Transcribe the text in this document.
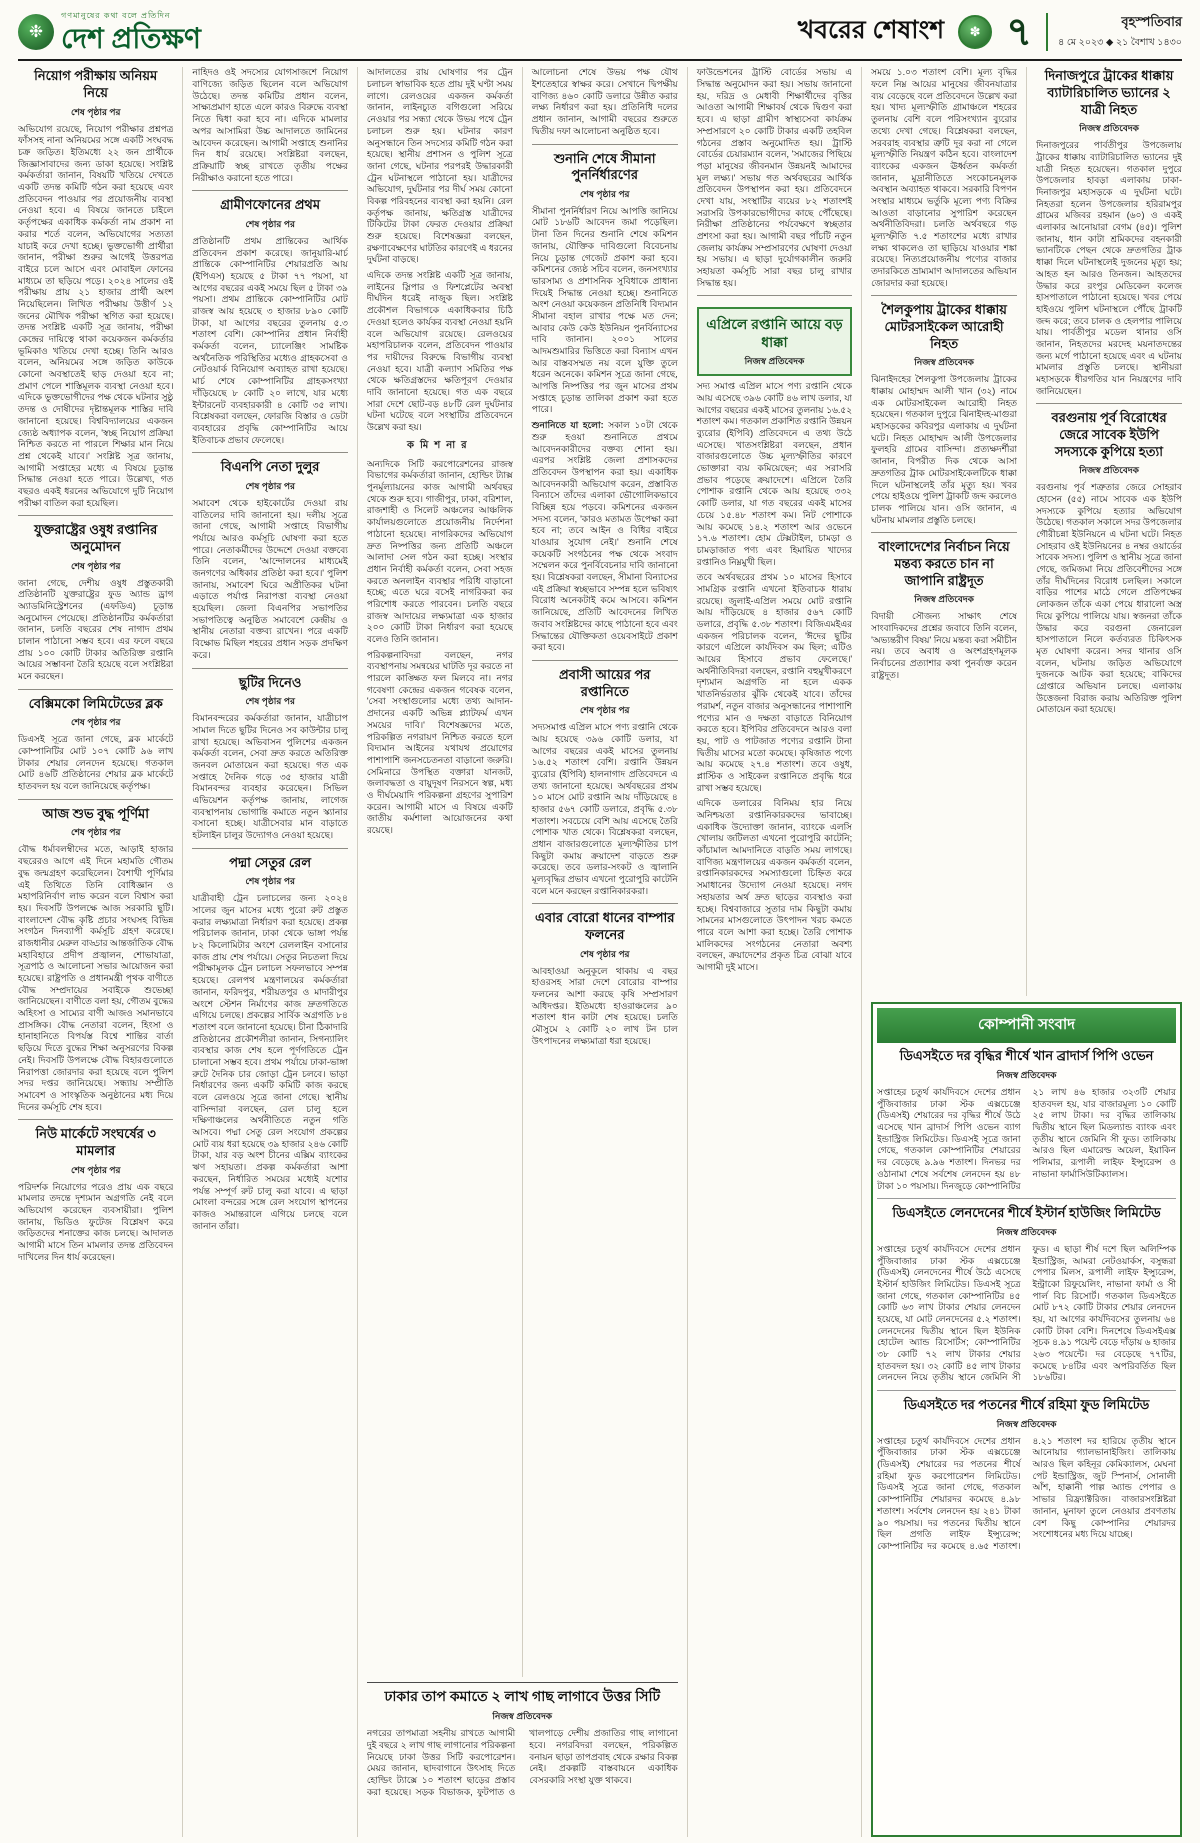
❉
গণমানুষের কথা বলে প্রতিদিন
দেশ প্রতিক্ষণ	খবরের শেষাংশ	✽ ৭	বৃহস্পতিবার
৪ মে ২০২৩ ◆ ২১ বৈশাখ ১৪৩০
নিয়োগ পরীক্ষায় অনিয়ম নিয়ে
শেষ পৃষ্ঠার পর

অভিযোগ রয়েছে, নিয়োগ পরীক্ষার প্রশ্নপত্র ফাঁসসহ নানা অনিয়মের সঙ্গে একটি সংঘবদ্ধ চক্র জড়িত। ইতিমধ্যে ২২ জন প্রার্থীকে জিজ্ঞাসাবাদের জন্য ডাকা হয়েছে। সংশ্লিষ্ট কর্মকর্তারা জানান, বিষয়টি খতিয়ে দেখতে একটি তদন্ত কমিটি গঠন করা হয়েছে এবং প্রতিবেদন পাওয়ার পর প্রয়োজনীয় ব্যবস্থা নেওয়া হবে। এ বিষয়ে জানতে চাইলে কর্তৃপক্ষের একাধিক কর্মকর্তা নাম প্রকাশ না করার শর্তে বলেন, অভিযোগের সত্যতা যাচাই করে দেখা হচ্ছে। ভুক্তভোগী প্রার্থীরা জানান, পরীক্ষা শুরুর আগেই উত্তরপত্র বাইরে চলে আসে এবং মোবাইল ফোনের মাধ্যমে তা ছড়িয়ে পড়ে। ২০২৪ সালের ওই পরীক্ষায় প্রায় ২১ হাজার প্রার্থী অংশ নিয়েছিলেন। লিখিত পরীক্ষায় উত্তীর্ণ ১২ জনের মৌখিক পরীক্ষা স্থগিত করা হয়েছে। তদন্ত সংশ্লিষ্ট একটি সূত্র জানায়, পরীক্ষা কেন্দ্রের দায়িত্বে থাকা কয়েকজন কর্মকর্তার ভূমিকাও খতিয়ে দেখা হচ্ছে। তিনি আরও বলেন, অনিয়মের সঙ্গে জড়িত কাউকে কোনো অবস্থাতেই ছাড় দেওয়া হবে না; প্রমাণ পেলে শাস্তিমূলক ব্যবস্থা নেওয়া হবে। এদিকে ভুক্তভোগীদের পক্ষ থেকে ঘটনার সুষ্ঠু তদন্ত ও দোষীদের দৃষ্টান্তমূলক শাস্তির দাবি জানানো হয়েছে। বিশ্ববিদ্যালয়ের একজন জ্যেষ্ঠ অধ্যাপক বলেন, 'স্বচ্ছ নিয়োগ প্রক্রিয়া নিশ্চিত করতে না পারলে শিক্ষার মান নিয়ে প্রশ্ন থেকেই যাবে।' সংশ্লিষ্ট সূত্র জানায়, আগামী সপ্তাহের মধ্যে এ বিষয়ে চূড়ান্ত সিদ্ধান্ত নেওয়া হতে পারে। উল্লেখ্য, গত বছরও একই ধরনের অভিযোগে দুটি নিয়োগ পরীক্ষা বাতিল করা হয়েছিল।

যুক্তরাষ্ট্রের ওষুধ রপ্তানির অনুমোদন
শেষ পৃষ্ঠার পর

জানা গেছে, দেশীয় ওষুধ প্রস্তুতকারী প্রতিষ্ঠানটি যুক্তরাষ্ট্রের ফুড অ্যান্ড ড্রাগ অ্যাডমিনিস্ট্রেশনের (এফডিএ) চূড়ান্ত অনুমোদন পেয়েছে। প্রতিষ্ঠানটির কর্মকর্তারা জানান, চলতি বছরের শেষ নাগাদ প্রথম চালান পাঠানো সম্ভব হবে। এর ফলে বছরে প্রায় ১০০ কোটি টাকার অতিরিক্ত রপ্তানি আয়ের সম্ভাবনা তৈরি হয়েছে বলে সংশ্লিষ্টরা মনে করছেন।

বেক্সিমকো লিমিটেডের ব্লক
শেষ পৃষ্ঠার পর

ডিএসই সূত্রে জানা গেছে, ব্লক মার্কেটে কোম্পানিটির মোট ১০৭ কোটি ৯৬ লাখ টাকার শেয়ার লেনদেন হয়েছে। গতকাল মোট ৪৬টি প্রতিষ্ঠানের শেয়ার ব্লক মার্কেটে হাতবদল হয় বলে জানিয়েছে কর্তৃপক্ষ।

আজ শুভ বুদ্ধ পূর্ণিমা
শেষ পৃষ্ঠার পর

বৌদ্ধ ধর্মাবলম্বীদের মতে, আড়াই হাজার বছরেরও আগে এই দিনে মহামতি গৌতম বুদ্ধ জন্মগ্রহণ করেছিলেন। বৈশাখী পূর্ণিমার এই তিথিতে তিনি বোধিজ্ঞান ও মহাপরিনির্বাণ লাভ করেন বলে বিশ্বাস করা হয়। দিবসটি উপলক্ষে আজ সরকারি ছুটি। বাংলাদেশ বৌদ্ধ কৃষ্টি প্রচার সংঘসহ বিভিন্ন সংগঠন দিনব্যাপী কর্মসূচি গ্রহণ করেছে। রাজধানীর মেরুল বাড্ডার আন্তর্জাতিক বৌদ্ধ মহাবিহারে প্রদীপ প্রজ্বালন, শোভাযাত্রা, সূত্রপাঠ ও আলোচনা সভার আয়োজন করা হয়েছে। রাষ্ট্রপতি ও প্রধানমন্ত্রী পৃথক বাণীতে বৌদ্ধ সম্প্রদায়ের সবাইকে শুভেচ্ছা জানিয়েছেন। বাণীতে বলা হয়, গৌতম বুদ্ধের অহিংসা ও সাম্যের বাণী আজও সমানভাবে প্রাসঙ্গিক। বৌদ্ধ নেতারা বলেন, হিংসা ও হানাহানিতে বিপর্যস্ত বিশ্বে শান্তির বার্তা ছড়িয়ে দিতে বুদ্ধের শিক্ষা অনুসরণের বিকল্প নেই। দিবসটি উপলক্ষে বৌদ্ধ বিহারগুলোতে নিরাপত্তা জোরদার করা হয়েছে বলে পুলিশ সদর দপ্তর জানিয়েছে। সন্ধ্যায় সম্প্রীতি সমাবেশ ও সাংস্কৃতিক অনুষ্ঠানের মধ্য দিয়ে দিনের কর্মসূচি শেষ হবে।

নিউ মার্কেটে সংঘর্ষের ৩ মামলার
শেষ পৃষ্ঠার পর

পরিদর্শক নিয়োগের পরেও প্রায় এক বছরে মামলার তদন্তে দৃশ্যমান অগ্রগতি নেই বলে অভিযোগ করেছেন ব্যবসায়ীরা। পুলিশ জানায়, ভিডিও ফুটেজ বিশ্লেষণ করে জড়িতদের শনাক্তের কাজ চলছে। আদালত আগামী মাসে তিন মামলার তদন্ত প্রতিবেদন দাখিলের দিন ধার্য করেছেন।

নাহিদও ওই সদস্যের যোগসাজশে নিয়োগ বাণিজ্যে জড়িত ছিলেন বলে অভিযোগ উঠেছে। তদন্ত কমিটির প্রধান বলেন, সাক্ষ্যপ্রমাণ হাতে এলে কারও বিরুদ্ধে ব্যবস্থা নিতে দ্বিধা করা হবে না। এদিকে মামলার অপর আসামিরা উচ্চ আদালতে জামিনের আবেদন করেছেন। আগামী সপ্তাহে শুনানির দিন ধার্য রয়েছে। সংশ্লিষ্টরা বলছেন, প্রক্রিয়াটি স্বচ্ছ রাখতে তৃতীয় পক্ষের নিরীক্ষাও করানো হতে পারে।

গ্রামীণফোনের প্রথম
শেষ পৃষ্ঠার পর

প্রতিষ্ঠানটি প্রথম প্রান্তিকের আর্থিক প্রতিবেদন প্রকাশ করেছে। জানুয়ারি-মার্চ প্রান্তিকে কোম্পানিটির শেয়ারপ্রতি আয় (ইপিএস) হয়েছে ৫ টাকা ৭৭ পয়সা, যা আগের বছরের একই সময়ে ছিল ৫ টাকা ৩৯ পয়সা। প্রথম প্রান্তিকে কোম্পানিটির মোট রাজস্ব আয় হয়েছে ৩ হাজার ৮৯০ কোটি টাকা, যা আগের বছরের তুলনায় ৫.৩ শতাংশ বেশি। কোম্পানির প্রধান নির্বাহী কর্মকর্তা বলেন, চ্যালেঞ্জিং সামষ্টিক অর্থনৈতিক পরিস্থিতির মধ্যেও গ্রাহকসেবা ও নেটওয়ার্ক বিনিয়োগ অব্যাহত রাখা হয়েছে। মার্চ শেষে কোম্পানিটির গ্রাহকসংখ্যা দাঁড়িয়েছে ৮ কোটি ২০ লাখে, যার মধ্যে ইন্টারনেট ব্যবহারকারী ৪ কোটি ৩৫ লাখ। বিশ্লেষকরা বলছেন, ফোরজি বিস্তার ও ডেটা ব্যবহারের প্রবৃদ্ধি কোম্পানিটির আয়ে ইতিবাচক প্রভাব ফেলেছে।

বিএনপি নেতা দুলুর
শেষ পৃষ্ঠার পর

সমাবেশ থেকে হাইকোর্টের দেওয়া রায় বাতিলের দাবি জানানো হয়। দলীয় সূত্রে জানা গেছে, আগামী সপ্তাহে বিভাগীয় পর্যায়ে আরও কর্মসূচি ঘোষণা করা হতে পারে। নেতাকর্মীদের উদ্দেশে দেওয়া বক্তব্যে তিনি বলেন, 'আন্দোলনের মাধ্যমেই জনগণের অধিকার প্রতিষ্ঠা করা হবে।' পুলিশ জানায়, সমাবেশ ঘিরে অপ্রীতিকর ঘটনা এড়াতে পর্যাপ্ত নিরাপত্তা ব্যবস্থা নেওয়া হয়েছিল। জেলা বিএনপির সভাপতির সভাপতিত্বে অনুষ্ঠিত সমাবেশে কেন্দ্রীয় ও স্থানীয় নেতারা বক্তব্য রাখেন। পরে একটি বিক্ষোভ মিছিল শহরের প্রধান সড়ক প্রদক্ষিণ করে।

ছুটির দিনেও
শেষ পৃষ্ঠার পর

বিমানবন্দরের কর্মকর্তারা জানান, যাত্রীচাপ সামাল দিতে ছুটির দিনেও সব কাউন্টার চালু রাখা হয়েছে। অভিবাসন পুলিশের একজন কর্মকর্তা বলেন, সেবা দ্রুত করতে অতিরিক্ত জনবল মোতায়েন করা হয়েছে। গত এক সপ্তাহে দৈনিক গড়ে ৩৫ হাজার যাত্রী বিমানবন্দর ব্যবহার করেছেন। সিভিল এভিয়েশন কর্তৃপক্ষ জানায়, লাগেজ ব্যবস্থাপনায় ভোগান্তি কমাতে নতুন স্ক্যানার বসানো হচ্ছে। যাত্রীসেবার মান বাড়াতে হটলাইন চালুর উদ্যোগও নেওয়া হয়েছে।

পদ্মা সেতুর রেল
শেষ পৃষ্ঠার পর

যাত্রীবাহী ট্রেন চলাচলের জন্য ২০২৪ সালের জুন মাসের মধ্যে পুরো রুট প্রস্তুত করার লক্ষ্যমাত্রা নির্ধারণ করা হয়েছে। প্রকল্প পরিচালক জানান, ঢাকা থেকে ভাঙ্গা পর্যন্ত ৮২ কিলোমিটার অংশে রেললাইন বসানোর কাজ প্রায় শেষ পর্যায়ে। সেতুর নিচতলা দিয়ে পরীক্ষামূলক ট্রেন চলাচল সফলভাবে সম্পন্ন হয়েছে। রেলপথ মন্ত্রণালয়ের কর্মকর্তারা জানান, ফরিদপুর, শরীয়তপুর ও মাদারীপুর অংশে স্টেশন নির্মাণের কাজ দ্রুতগতিতে এগিয়ে চলছে। প্রকল্পের সার্বিক অগ্রগতি ৮৪ শতাংশ বলে জানানো হয়েছে। চীনা ঠিকাদারি প্রতিষ্ঠানের প্রকৌশলীরা জানান, সিগন্যালিং ব্যবস্থার কাজ শেষ হলে পূর্ণগতিতে ট্রেন চালানো সম্ভব হবে। প্রথম পর্যায়ে ঢাকা-ভাঙ্গা রুটে দৈনিক চার জোড়া ট্রেন চলবে। ভাড়া নির্ধারণের জন্য একটি কমিটি কাজ করছে বলে রেলওয়ে সূত্রে জানা গেছে। স্থানীয় বাসিন্দারা বলছেন, রেল চালু হলে দক্ষিণাঞ্চলের অর্থনীতিতে নতুন গতি আসবে। পদ্মা সেতু রেল সংযোগ প্রকল্পের মোট ব্যয় ধরা হয়েছে ৩৯ হাজার ২৪৬ কোটি টাকা, যার বড় অংশ চীনের এক্সিম ব্যাংকের ঋণ সহায়তা। প্রকল্প কর্মকর্তারা আশা করছেন, নির্ধারিত সময়ের মধ্যেই যশোর পর্যন্ত সম্পূর্ণ রুট চালু করা যাবে। এ ছাড়া মোংলা বন্দরের সঙ্গে রেল সংযোগ স্থাপনের কাজও সমান্তরালে এগিয়ে চলছে বলে জানান তাঁরা।

আদালতের রায় ঘোষণার পর ট্রেন চলাচল স্বাভাবিক হতে প্রায় দুই ঘণ্টা সময় লাগে। রেলওয়ের একজন কর্মকর্তা জানান, লাইনচ্যুত বগিগুলো সরিয়ে নেওয়ার পর সন্ধ্যা থেকে উভয় পথে ট্রেন চলাচল শুরু হয়। ঘটনার কারণ অনুসন্ধানে তিন সদস্যের কমিটি গঠন করা হয়েছে। স্থানীয় প্রশাসন ও পুলিশ সূত্রে জানা গেছে, ঘটনার পরপরই উদ্ধারকারী ট্রেন ঘটনাস্থলে পাঠানো হয়। যাত্রীদের অভিযোগ, দুর্ঘটনার পর দীর্ঘ সময় কোনো বিকল্প পরিবহনের ব্যবস্থা করা হয়নি। রেল কর্তৃপক্ষ জানায়, ক্ষতিগ্রস্ত যাত্রীদের টিকিটের টাকা ফেরত দেওয়ার প্রক্রিয়া শুরু হয়েছে। বিশেষজ্ঞরা বলছেন, রক্ষণাবেক্ষণের ঘাটতির কারণেই এ ধরনের দুর্ঘটনা বাড়ছে।

এদিকে তদন্ত সংশ্লিষ্ট একটি সূত্র জানায়, লাইনের স্লিপার ও ফিশপ্লেটের অবস্থা দীর্ঘদিন ধরেই নাজুক ছিল। সংশ্লিষ্ট প্রকৌশল বিভাগকে একাধিকবার চিঠি দেওয়া হলেও কার্যকর ব্যবস্থা নেওয়া হয়নি বলে অভিযোগ রয়েছে। রেলওয়ের মহাপরিচালক বলেন, প্রতিবেদন পাওয়ার পর দায়ীদের বিরুদ্ধে বিভাগীয় ব্যবস্থা নেওয়া হবে। যাত্রী কল্যাণ সমিতির পক্ষ থেকে ক্ষতিগ্রস্তদের ক্ষতিপূরণ দেওয়ার দাবি জানানো হয়েছে। গত এক বছরে সারা দেশে ছোট-বড় ৪৮টি রেল দুর্ঘটনার ঘটনা ঘটেছে বলে সংস্থাটির প্রতিবেদনে উল্লেখ করা হয়।

কমিশনার

অন্যদিকে সিটি করপোরেশনের রাজস্ব বিভাগের কর্মকর্তারা জানান, হোল্ডিং ট্যাক্স পুনর্মূল্যায়নের কাজ আগামী অর্থবছর থেকে শুরু হবে। গাজীপুর, ঢাকা, বরিশাল, রাজশাহী ও সিলেট অঞ্চলের আঞ্চলিক কার্যালয়গুলোতে প্রয়োজনীয় নির্দেশনা পাঠানো হয়েছে। নাগরিকদের অভিযোগ দ্রুত নিষ্পত্তির জন্য প্রতিটি অঞ্চলে আলাদা সেল গঠন করা হচ্ছে। সংস্থার প্রধান নির্বাহী কর্মকর্তা বলেন, সেবা সহজ করতে অনলাইন ব্যবস্থার পরিধি বাড়ানো হচ্ছে; এতে ঘরে বসেই নাগরিকরা কর পরিশোধ করতে পারবেন। চলতি বছরে রাজস্ব আদায়ের লক্ষ্যমাত্রা এক হাজার ২০০ কোটি টাকা নির্ধারণ করা হয়েছে বলেও তিনি জানান।

পরিকল্পনাবিদরা বলছেন, নগর ব্যবস্থাপনায় সমন্বয়ের ঘাটতি দূর করতে না পারলে কাঙ্ক্ষিত ফল মিলবে না। নগর গবেষণা কেন্দ্রের একজন গবেষক বলেন, 'সেবা সংস্থাগুলোর মধ্যে তথ্য আদান-প্রদানের একটি অভিন্ন প্ল্যাটফর্ম এখন সময়ের দাবি।' বিশেষজ্ঞদের মতে, পরিকল্পিত নগরায়ণ নিশ্চিত করতে হলে বিদ্যমান আইনের যথাযথ প্রয়োগের পাশাপাশি জনসচেতনতা বাড়ানো জরুরি। সেমিনারে উপস্থিত বক্তারা যানজট, জলাবদ্ধতা ও বায়ুদূষণ নিরসনে স্বল্প, মধ্য ও দীর্ঘমেয়াদি পরিকল্পনা গ্রহণের সুপারিশ করেন। আগামী মাসে এ বিষয়ে একটি জাতীয় কর্মশালা আয়োজনের কথা রয়েছে।

আলোচনা শেষে উভয় পক্ষ যৌথ ইশতেহারে স্বাক্ষর করে। সেখানে দ্বিপক্ষীয় বাণিজ্য ৪৬০ কোটি ডলারে উন্নীত করার লক্ষ্য নির্ধারণ করা হয়। প্রতিনিধি দলের প্রধান জানান, আগামী বছরের শুরুতে দ্বিতীয় দফা আলোচনা অনুষ্ঠিত হবে।

শুনানি শেষে সীমানা পুনর্নির্ধারণের
শেষ পৃষ্ঠার পর

সীমানা পুনর্নির্ধারণ নিয়ে আপত্তি জানিয়ে মোট ১৮৬টি আবেদন জমা পড়েছিল। টানা তিন দিনের শুনানি শেষে কমিশন জানায়, যৌক্তিক দাবিগুলো বিবেচনায় নিয়ে চূড়ান্ত গেজেট প্রকাশ করা হবে। কমিশনের জ্যেষ্ঠ সচিব বলেন, জনসংখ্যার ভারসাম্য ও প্রশাসনিক সুবিধাকে প্রাধান্য দিয়েই সিদ্ধান্ত নেওয়া হচ্ছে। শুনানিতে অংশ নেওয়া কয়েকজন প্রতিনিধি বিদ্যমান সীমানা বহাল রাখার পক্ষে মত দেন; আবার কেউ কেউ ইউনিয়ন পুনর্বিন্যাসের দাবি জানান। ২০০১ সালের আদমশুমারির ভিত্তিতে করা বিন্যাস এখন আর বাস্তবসম্মত নয় বলে যুক্তি তুলে ধরেন অনেকে। কমিশন সূত্রে জানা গেছে, আপত্তি নিষ্পত্তির পর জুন মাসের প্রথম সপ্তাহে চূড়ান্ত তালিকা প্রকাশ করা হতে পারে।

শুনানিতে যা হলো: সকাল ১০টা থেকে শুরু হওয়া শুনানিতে প্রথমে আবেদনকারীদের বক্তব্য শোনা হয়। এরপর সংশ্লিষ্ট জেলা প্রশাসকদের প্রতিবেদন উপস্থাপন করা হয়। একাধিক আবেদনকারী অভিযোগ করেন, প্রস্তাবিত বিন্যাসে তাঁদের এলাকা ভৌগোলিকভাবে বিচ্ছিন্ন হয়ে পড়বে। কমিশনের একজন সদস্য বলেন, 'কারও মতামত উপেক্ষা করা হবে না; তবে আইন ও বিধির বাইরে যাওয়ার সুযোগ নেই।' শুনানি শেষে কয়েকটি সংগঠনের পক্ষ থেকে সংবাদ সম্মেলন করে পুনর্বিবেচনার দাবি জানানো হয়। বিশ্লেষকরা বলছেন, সীমানা বিন্যাসের এই প্রক্রিয়া স্বচ্ছভাবে সম্পন্ন হলে ভবিষ্যৎ বিরোধ অনেকটাই কমে আসবে। কমিশন জানিয়েছে, প্রতিটি আবেদনের লিখিত জবাব সংশ্লিষ্টদের কাছে পাঠানো হবে এবং সিদ্ধান্তের যৌক্তিকতা ওয়েবসাইটে প্রকাশ করা হবে।

প্রবাসী আয়ের পর রপ্তানিতে
শেষ পৃষ্ঠার পর

সদ্যসমাপ্ত এপ্রিল মাসে পণ্য রপ্তানি থেকে আয় হয়েছে ৩৯৬ কোটি ডলার, যা আগের বছরের একই মাসের তুলনায় ১৬.৫২ শতাংশ বেশি। রপ্তানি উন্নয়ন ব্যুরোর (ইপিবি) হালনাগাদ প্রতিবেদনে এ তথ্য জানানো হয়েছে। অর্থবছরের প্রথম ১০ মাসে মোট রপ্তানি আয় দাঁড়িয়েছে ৪ হাজার ৫৬৭ কোটি ডলারে, প্রবৃদ্ধি ৫.৩৮ শতাংশ। সবচেয়ে বেশি আয় এসেছে তৈরি পোশাক খাত থেকে। বিশ্লেষকরা বলছেন, প্রধান বাজারগুলোতে মূল্যস্ফীতির চাপ কিছুটা কমায় ক্রয়াদেশ বাড়তে শুরু করেছে। তবে ডলার-সংকট ও জ্বালানি মূল্যবৃদ্ধির প্রভাব এখনো পুরোপুরি কাটেনি বলে মনে করছেন রপ্তানিকারকরা।

এবার বোরো ধানের বাম্পার ফলনের
শেষ পৃষ্ঠার পর

আবহাওয়া অনুকূলে থাকায় এ বছর হাওরসহ সারা দেশে বোরোর বাম্পার ফলনের আশা করছে কৃষি সম্প্রসারণ অধিদপ্তর। ইতিমধ্যে হাওরাঞ্চলের ৯০ শতাংশ ধান কাটা শেষ হয়েছে। চলতি মৌসুমে ২ কোটি ২০ লাখ টন চাল উৎপাদনের লক্ষ্যমাত্রা ধরা হয়েছে।

ঢাকার তাপ কমাতে ২ লাখ গাছ লাগাবে উত্তর সিটি
নিজস্ব প্রতিবেদক

নগরের তাপমাত্রা সহনীয় রাখতে আগামী দুই বছরে ২ লাখ গাছ লাগানোর পরিকল্পনা নিয়েছে ঢাকা উত্তর সিটি করপোরেশন। মেয়র জানান, ছাদবাগানে উৎসাহ দিতে হোল্ডিং ট্যাক্সে ১০ শতাংশ ছাড়ের প্রস্তাব করা হয়েছে। সড়ক বিভাজক, ফুটপাত ও খালপাড়ে দেশীয় প্রজাতির গাছ লাগানো হবে। নগরবিদরা বলছেন, পরিকল্পিত বনায়ন ছাড়া তাপপ্রবাহ থেকে রক্ষার বিকল্প নেই। প্রকল্পটি বাস্তবায়নে একাধিক বেসরকারি সংস্থা যুক্ত থাকবে।

ফাউন্ডেশনের ট্রাস্টি বোর্ডের সভায় এ সিদ্ধান্ত অনুমোদন করা হয়। সভায় জানানো হয়, দরিদ্র ও মেধাবী শিক্ষার্থীদের বৃত্তির আওতা আগামী শিক্ষাবর্ষ থেকে দ্বিগুণ করা হবে। এ ছাড়া গ্রামীণ স্বাস্থ্যসেবা কার্যক্রম সম্প্রসারণে ২০ কোটি টাকার একটি তহবিল গঠনের প্রস্তাব অনুমোদিত হয়। ট্রাস্টি বোর্ডের চেয়ারম্যান বলেন, 'সমাজের পিছিয়ে পড়া মানুষের জীবনমান উন্নয়নই আমাদের মূল লক্ষ্য।' সভায় গত অর্থবছরের আর্থিক প্রতিবেদন উপস্থাপন করা হয়। প্রতিবেদনে দেখা যায়, সংস্থাটির ব্যয়ের ৮২ শতাংশই সরাসরি উপকারভোগীদের কাছে পৌঁছেছে। নিরীক্ষা প্রতিষ্ঠানের পর্যবেক্ষণে স্বচ্ছতার প্রশংসা করা হয়। আগামী বছর পাঁচটি নতুন জেলায় কার্যক্রম সম্প্রসারণের ঘোষণা দেওয়া হয় সভায়। এ ছাড়া দুর্যোগকালীন জরুরি সহায়তা কর্মসূচি সারা বছর চালু রাখার সিদ্ধান্ত হয়।

এপ্রিলে রপ্তানি আয়ে বড় ধাক্কা
নিজস্ব প্রতিবেদক

সদ্য সমাপ্ত এপ্রিল মাসে পণ্য রপ্তানি থেকে আয় এসেছে ৩৯৬ কোটি ৪৬ লাখ ডলার, যা আগের বছরের একই মাসের তুলনায় ১৬.৫২ শতাংশ কম। গতকাল প্রকাশিত রপ্তানি উন্নয়ন ব্যুরোর (ইপিবি) প্রতিবেদনে এ তথ্য উঠে এসেছে। খাতসংশ্লিষ্টরা বলছেন, প্রধান বাজারগুলোতে উচ্চ মূল্যস্ফীতির কারণে ভোক্তারা ব্যয় কমিয়েছেন; এর সরাসরি প্রভাব পড়েছে ক্রয়াদেশে। এপ্রিলে তৈরি পোশাক রপ্তানি থেকে আয় হয়েছে ৩৩২ কোটি ডলার, যা গত বছরের একই মাসের চেয়ে ১৫.৪৮ শতাংশ কম। নিট পোশাকে আয় কমেছে ১৪.২ শতাংশ আর ওভেনে ১৭.৬ শতাংশ। হোম টেক্সটাইল, চামড়া ও চামড়াজাত পণ্য এবং হিমায়িত খাদ্যের রপ্তানিও নিম্নমুখী ছিল।

তবে অর্থবছরের প্রথম ১০ মাসের হিসাবে সামগ্রিক রপ্তানি এখনো ইতিবাচক ধারায় রয়েছে। জুলাই-এপ্রিল সময়ে মোট রপ্তানি আয় দাঁড়িয়েছে ৪ হাজার ৫৬৭ কোটি ডলারে, প্রবৃদ্ধি ৫.৩৮ শতাংশ। বিজিএমইএর একজন পরিচালক বলেন, 'ঈদের ছুটির কারণে এপ্রিলে কার্যদিবস কম ছিল; এটিও আয়ের হিসাবে প্রভাব ফেলেছে।' অর্থনীতিবিদরা বলছেন, রপ্তানি বহুমুখীকরণে দৃশ্যমান অগ্রগতি না হলে একক খাতনির্ভরতার ঝুঁকি থেকেই যাবে। তাঁদের পরামর্শ, নতুন বাজার অনুসন্ধানের পাশাপাশি পণ্যের মান ও দক্ষতা বাড়াতে বিনিয়োগ করতে হবে। ইপিবির প্রতিবেদনে আরও বলা হয়, পাট ও পাটজাত পণ্যের রপ্তানি টানা দ্বিতীয় মাসের মতো কমেছে। কৃষিজাত পণ্যে আয় কমেছে ২৭.৪ শতাংশ। তবে ওষুধ, প্লাস্টিক ও সাইকেল রপ্তানিতে প্রবৃদ্ধি ধরে রাখা সম্ভব হয়েছে।

এদিকে ডলারের বিনিময় হার নিয়ে অনিশ্চয়তা রপ্তানিকারকদের ভাবাচ্ছে। একাধিক উদ্যোক্তা জানান, ব্যাংকে এলসি খোলায় জটিলতা এখনো পুরোপুরি কাটেনি; কাঁচামাল আমদানিতে বাড়তি সময় লাগছে। বাণিজ্য মন্ত্রণালয়ের একজন কর্মকর্তা বলেন, রপ্তানিকারকদের সমস্যাগুলো চিহ্নিত করে সমাধানের উদ্যোগ নেওয়া হয়েছে। নগদ সহায়তার অর্থ দ্রুত ছাড়ের ব্যবস্থাও করা হচ্ছে। বিশ্ববাজারে সুতার দাম কিছুটা কমায় সামনের মাসগুলোতে উৎপাদন খরচ কমতে পারে বলে আশা করা হচ্ছে। তৈরি পোশাক মালিকদের সংগঠনের নেতারা অবশ্য বলছেন, ক্রয়াদেশের প্রকৃত চিত্র বোঝা যাবে আগামী দুই মাসে।

সময়ে ১.০৩ শতাংশ বেশি। মূল্য বৃদ্ধির ফলে নিম্ন আয়ের মানুষের জীবনযাত্রার ব্যয় বেড়েছে বলে প্রতিবেদনে উল্লেখ করা হয়। খাদ্য মূল্যস্ফীতি গ্রামাঞ্চলে শহরের তুলনায় বেশি বলে পরিসংখ্যান ব্যুরোর তথ্যে দেখা গেছে। বিশ্লেষকরা বলছেন, সরবরাহ ব্যবস্থার ত্রুটি দূর করা না গেলে মূল্যস্ফীতি নিয়ন্ত্রণ কঠিন হবে। বাংলাদেশ ব্যাংকের একজন ঊর্ধ্বতন কর্মকর্তা জানান, মুদ্রানীতিতে সংকোচনমূলক অবস্থান অব্যাহত থাকবে। সরকারি বিপণন সংস্থার মাধ্যমে ভর্তুকি মূল্যে পণ্য বিক্রির আওতা বাড়ানোর সুপারিশ করেছেন অর্থনীতিবিদরা। চলতি অর্থবছরে গড় মূল্যস্ফীতি ৭.৫ শতাংশের মধ্যে রাখার লক্ষ্য থাকলেও তা ছাড়িয়ে যাওয়ার শঙ্কা রয়েছে। নিত্যপ্রয়োজনীয় পণ্যের বাজার তদারকিতে ভ্রাম্যমাণ আদালতের অভিযান জোরদার করা হয়েছে।

শৈলকুপায় ট্রাকের ধাক্কায় মোটরসাইকেল আরোহী নিহত
নিজস্ব প্রতিবেদক

ঝিনাইদহের শৈলকুপা উপজেলায় ট্রাকের ধাক্কায় মোহাম্মদ আলী খান (৩২) নামে এক মোটরসাইকেল আরোহী নিহত হয়েছেন। গতকাল দুপুরে ঝিনাইদহ-মাগুরা মহাসড়কের কবিরপুর এলাকায় এ দুর্ঘটনা ঘটে। নিহত মোহাম্মদ আলী উপজেলার ফুলহরি গ্রামের বাসিন্দা। প্রত্যক্ষদর্শীরা জানান, বিপরীত দিক থেকে আসা দ্রুতগতির ট্রাক মোটরসাইকেলটিকে ধাক্কা দিলে ঘটনাস্থলেই তাঁর মৃত্যু হয়। খবর পেয়ে হাইওয়ে পুলিশ ট্রাকটি জব্দ করলেও চালক পালিয়ে যান। ওসি জানান, এ ঘটনায় মামলার প্রস্তুতি চলছে।

বাংলাদেশের নির্বাচন নিয়ে মন্তব্য করতে চান না জাপানি রাষ্ট্রদূত
নিজস্ব প্রতিবেদক

বিদায়ী সৌজন্য সাক্ষাৎ শেষে সাংবাদিকদের প্রশ্নের জবাবে তিনি বলেন, 'অভ্যন্তরীণ বিষয়' নিয়ে মন্তব্য করা সমীচীন নয়। তবে অবাধ ও অংশগ্রহণমূলক নির্বাচনের প্রত্যাশার কথা পুনর্ব্যক্ত করেন রাষ্ট্রদূত।

দিনাজপুরে ট্রাকের ধাক্কায় ব্যাটারিচালিত ভ্যানের ২ যাত্রী নিহত
নিজস্ব প্রতিবেদক

দিনাজপুরের পার্বতীপুর উপজেলায় ট্রাকের ধাক্কায় ব্যাটারিচালিত ভ্যানের দুই যাত্রী নিহত হয়েছেন। গতকাল দুপুরে উপজেলার হাবড়া এলাকায় ঢাকা-দিনাজপুর মহাসড়কে এ দুর্ঘটনা ঘটে। নিহতরা হলেন উপজেলার হরিরামপুর গ্রামের মজিবর রহমান (৬০) ও একই এলাকার আনোয়ারা বেগম (৪৫)। পুলিশ জানায়, ধান কাটা শ্রমিকদের বহনকারী ভ্যানটিকে পেছন থেকে দ্রুতগতির ট্রাক ধাক্কা দিলে ঘটনাস্থলেই দুজনের মৃত্যু হয়; আহত হন আরও তিনজন। আহতদের উদ্ধার করে রংপুর মেডিকেল কলেজ হাসপাতালে পাঠানো হয়েছে। খবর পেয়ে হাইওয়ে পুলিশ ঘটনাস্থলে পৌঁছে ট্রাকটি জব্দ করে; তবে চালক ও হেলপার পালিয়ে যায়। পার্বতীপুর মডেল থানার ওসি জানান, নিহতদের মরদেহ ময়নাতদন্তের জন্য মর্গে পাঠানো হয়েছে এবং এ ঘটনায় মামলার প্রস্তুতি চলছে। স্থানীয়রা মহাসড়কে ধীরগতির যান নিয়ন্ত্রণের দাবি জানিয়েছেন।

বরগুনায় পূর্ব বিরোধের জেরে সাবেক ইউপি সদস্যকে কুপিয়ে হত্যা
নিজস্ব প্রতিবেদক

বরগুনায় পূর্ব শত্রুতার জেরে সোহরাব হোসেন (৫৫) নামে সাবেক এক ইউপি সদস্যকে কুপিয়ে হত্যার অভিযোগ উঠেছে। গতকাল সকালে সদর উপজেলার গৌরীচন্না ইউনিয়নে এ ঘটনা ঘটে। নিহত সোহরাব ওই ইউনিয়নের ৪ নম্বর ওয়ার্ডের সাবেক সদস্য। পুলিশ ও স্থানীয় সূত্রে জানা গেছে, জমিজমা নিয়ে প্রতিবেশীদের সঙ্গে তাঁর দীর্ঘদিনের বিরোধ চলছিল। সকালে বাড়ির পাশের মাঠে গেলে প্রতিপক্ষের লোকজন তাঁকে একা পেয়ে ধারালো অস্ত্র দিয়ে কুপিয়ে পালিয়ে যায়। স্বজনরা তাঁকে উদ্ধার করে বরগুনা জেনারেল হাসপাতালে নিলে কর্তব্যরত চিকিৎসক মৃত ঘোষণা করেন। সদর থানার ওসি বলেন, ঘটনায় জড়িত অভিযোগে দুজনকে আটক করা হয়েছে; বাকিদের গ্রেপ্তারে অভিযান চলছে। এলাকায় উত্তেজনা বিরাজ করায় অতিরিক্ত পুলিশ মোতায়েন করা হয়েছে।

কোম্পানী সংবাদ
ডিএসইতে দর বৃদ্ধির শীর্ষে খান ব্রাদার্স পিপি ওভেন
নিজস্ব প্রতিবেদক

সপ্তাহের চতুর্থ কার্যদিবসে দেশের প্রধান পুঁজিবাজার ঢাকা স্টক এক্সচেঞ্জে (ডিএসই) শেয়ারের দর বৃদ্ধির শীর্ষে উঠে এসেছে খান ব্রাদার্স পিপি ওভেন ব্যাগ ইন্ডাস্ট্রিজ লিমিটেড। ডিএসই সূত্রে জানা গেছে, গতকাল কোম্পানিটির শেয়ারের দর বেড়েছে ৯.৯৬ শতাংশ। দিনভর দর ওঠানামা শেষে সর্বশেষ লেনদেন হয় ৪৮ টাকা ১০ পয়সায়। দিনজুড়ে কোম্পানিটির ২১ লাখ ৪৬ হাজার ৩২৩টি শেয়ার হাতবদল হয়, যার বাজারমূল্য ১০ কোটি ২৫ লাখ টাকা। দর বৃদ্ধির তালিকায় দ্বিতীয় স্থানে ছিল মিডল্যান্ড ব্যাংক এবং তৃতীয় স্থানে জেমিনি সী ফুড। তালিকায় আরও ছিল এমারেল্ড অয়েল, ইয়াকিন পলিমার, রূপালী লাইফ ইন্স্যুরেন্স ও নাভানা ফার্মাসিউটিক্যালস।

ডিএসইতে লেনদেনের শীর্ষে ইস্টার্ন হাউজিং লিমিটেড
নিজস্ব প্রতিবেদক

সপ্তাহের চতুর্থ কার্যদিবসে দেশের প্রধান পুঁজিবাজার ঢাকা স্টক এক্সচেঞ্জে (ডিএসই) লেনদেনের শীর্ষে উঠে এসেছে ইস্টার্ন হাউজিং লিমিটেড। ডিএসই সূত্রে জানা গেছে, গতকাল কোম্পানিটির ৪৫ কোটি ৬৩ লাখ টাকার শেয়ার লেনদেন হয়েছে, যা মোট লেনদেনের ৫.২ শতাংশ। লেনদেনের দ্বিতীয় স্থানে ছিল ইউনিক হোটেল অ্যান্ড রিসোর্টস; কোম্পানিটির ৩৮ কোটি ৭২ লাখ টাকার শেয়ার হাতবদল হয়। ৩২ কোটি ৪৫ লাখ টাকার লেনদেন নিয়ে তৃতীয় স্থানে জেমিনি সী ফুড। এ ছাড়া শীর্ষ দশে ছিল অলিম্পিক ইন্ডাস্ট্রিজ, আমরা নেটওয়ার্কস, বসুন্ধরা পেপার মিলস, রূপালী লাইফ ইন্স্যুরেন্স, ইন্ট্রাকো রিফুয়েলিং, নাভানা ফার্মা ও সী পার্ল বিচ রিসোর্ট। গতকাল ডিএসইতে মোট ৮৭২ কোটি টাকার শেয়ার লেনদেন হয়, যা আগের কার্যদিবসের তুলনায় ৬৪ কোটি টাকা বেশি। দিনশেষে ডিএসইএক্স সূচক ৪.৯১ পয়েন্ট বেড়ে দাঁড়ায় ৬ হাজার ২৬৩ পয়েন্টে। দর বেড়েছে ৭৭টির, কমেছে ৮৪টির এবং অপরিবর্তিত ছিল ১৮৬টির।

ডিএসইতে দর পতনের শীর্ষে রহিমা ফুড লিমিটেড
নিজস্ব প্রতিবেদক

সপ্তাহের চতুর্থ কার্যদিবসে দেশের প্রধান পুঁজিবাজার ঢাকা স্টক এক্সচেঞ্জে (ডিএসই) শেয়ারের দর পতনের শীর্ষে রহিমা ফুড করপোরেশন লিমিটেড। ডিএসই সূত্রে জানা গেছে, গতকাল কোম্পানিটির শেয়ারদর কমেছে ৪.৯৮ শতাংশ। সর্বশেষ লেনদেন হয় ২৪১ টাকা ৯০ পয়সায়। দর পতনের দ্বিতীয় স্থানে ছিল প্রগতি লাইফ ইন্স্যুরেন্স; কোম্পানিটির দর কমেছে ৪.৬৫ শতাংশ। ৪.২১ শতাংশ দর হারিয়ে তৃতীয় স্থানে আনোয়ার গ্যালভানাইজিং। তালিকায় আরও ছিল কহিনূর কেমিক্যালস, মেঘনা পেট ইন্ডাস্ট্রিজ, জুট স্পিনার্স, সোনালী আঁশ, হাক্কানী পাল্প অ্যান্ড পেপার ও সাভার রিফ্র্যাক্টরিজ। বাজারসংশ্লিষ্টরা জানান, মুনাফা তুলে নেওয়ার প্রবণতায় বেশ কিছু কোম্পানির শেয়ারদর সংশোধনের মধ্য দিয়ে যাচ্ছে।
